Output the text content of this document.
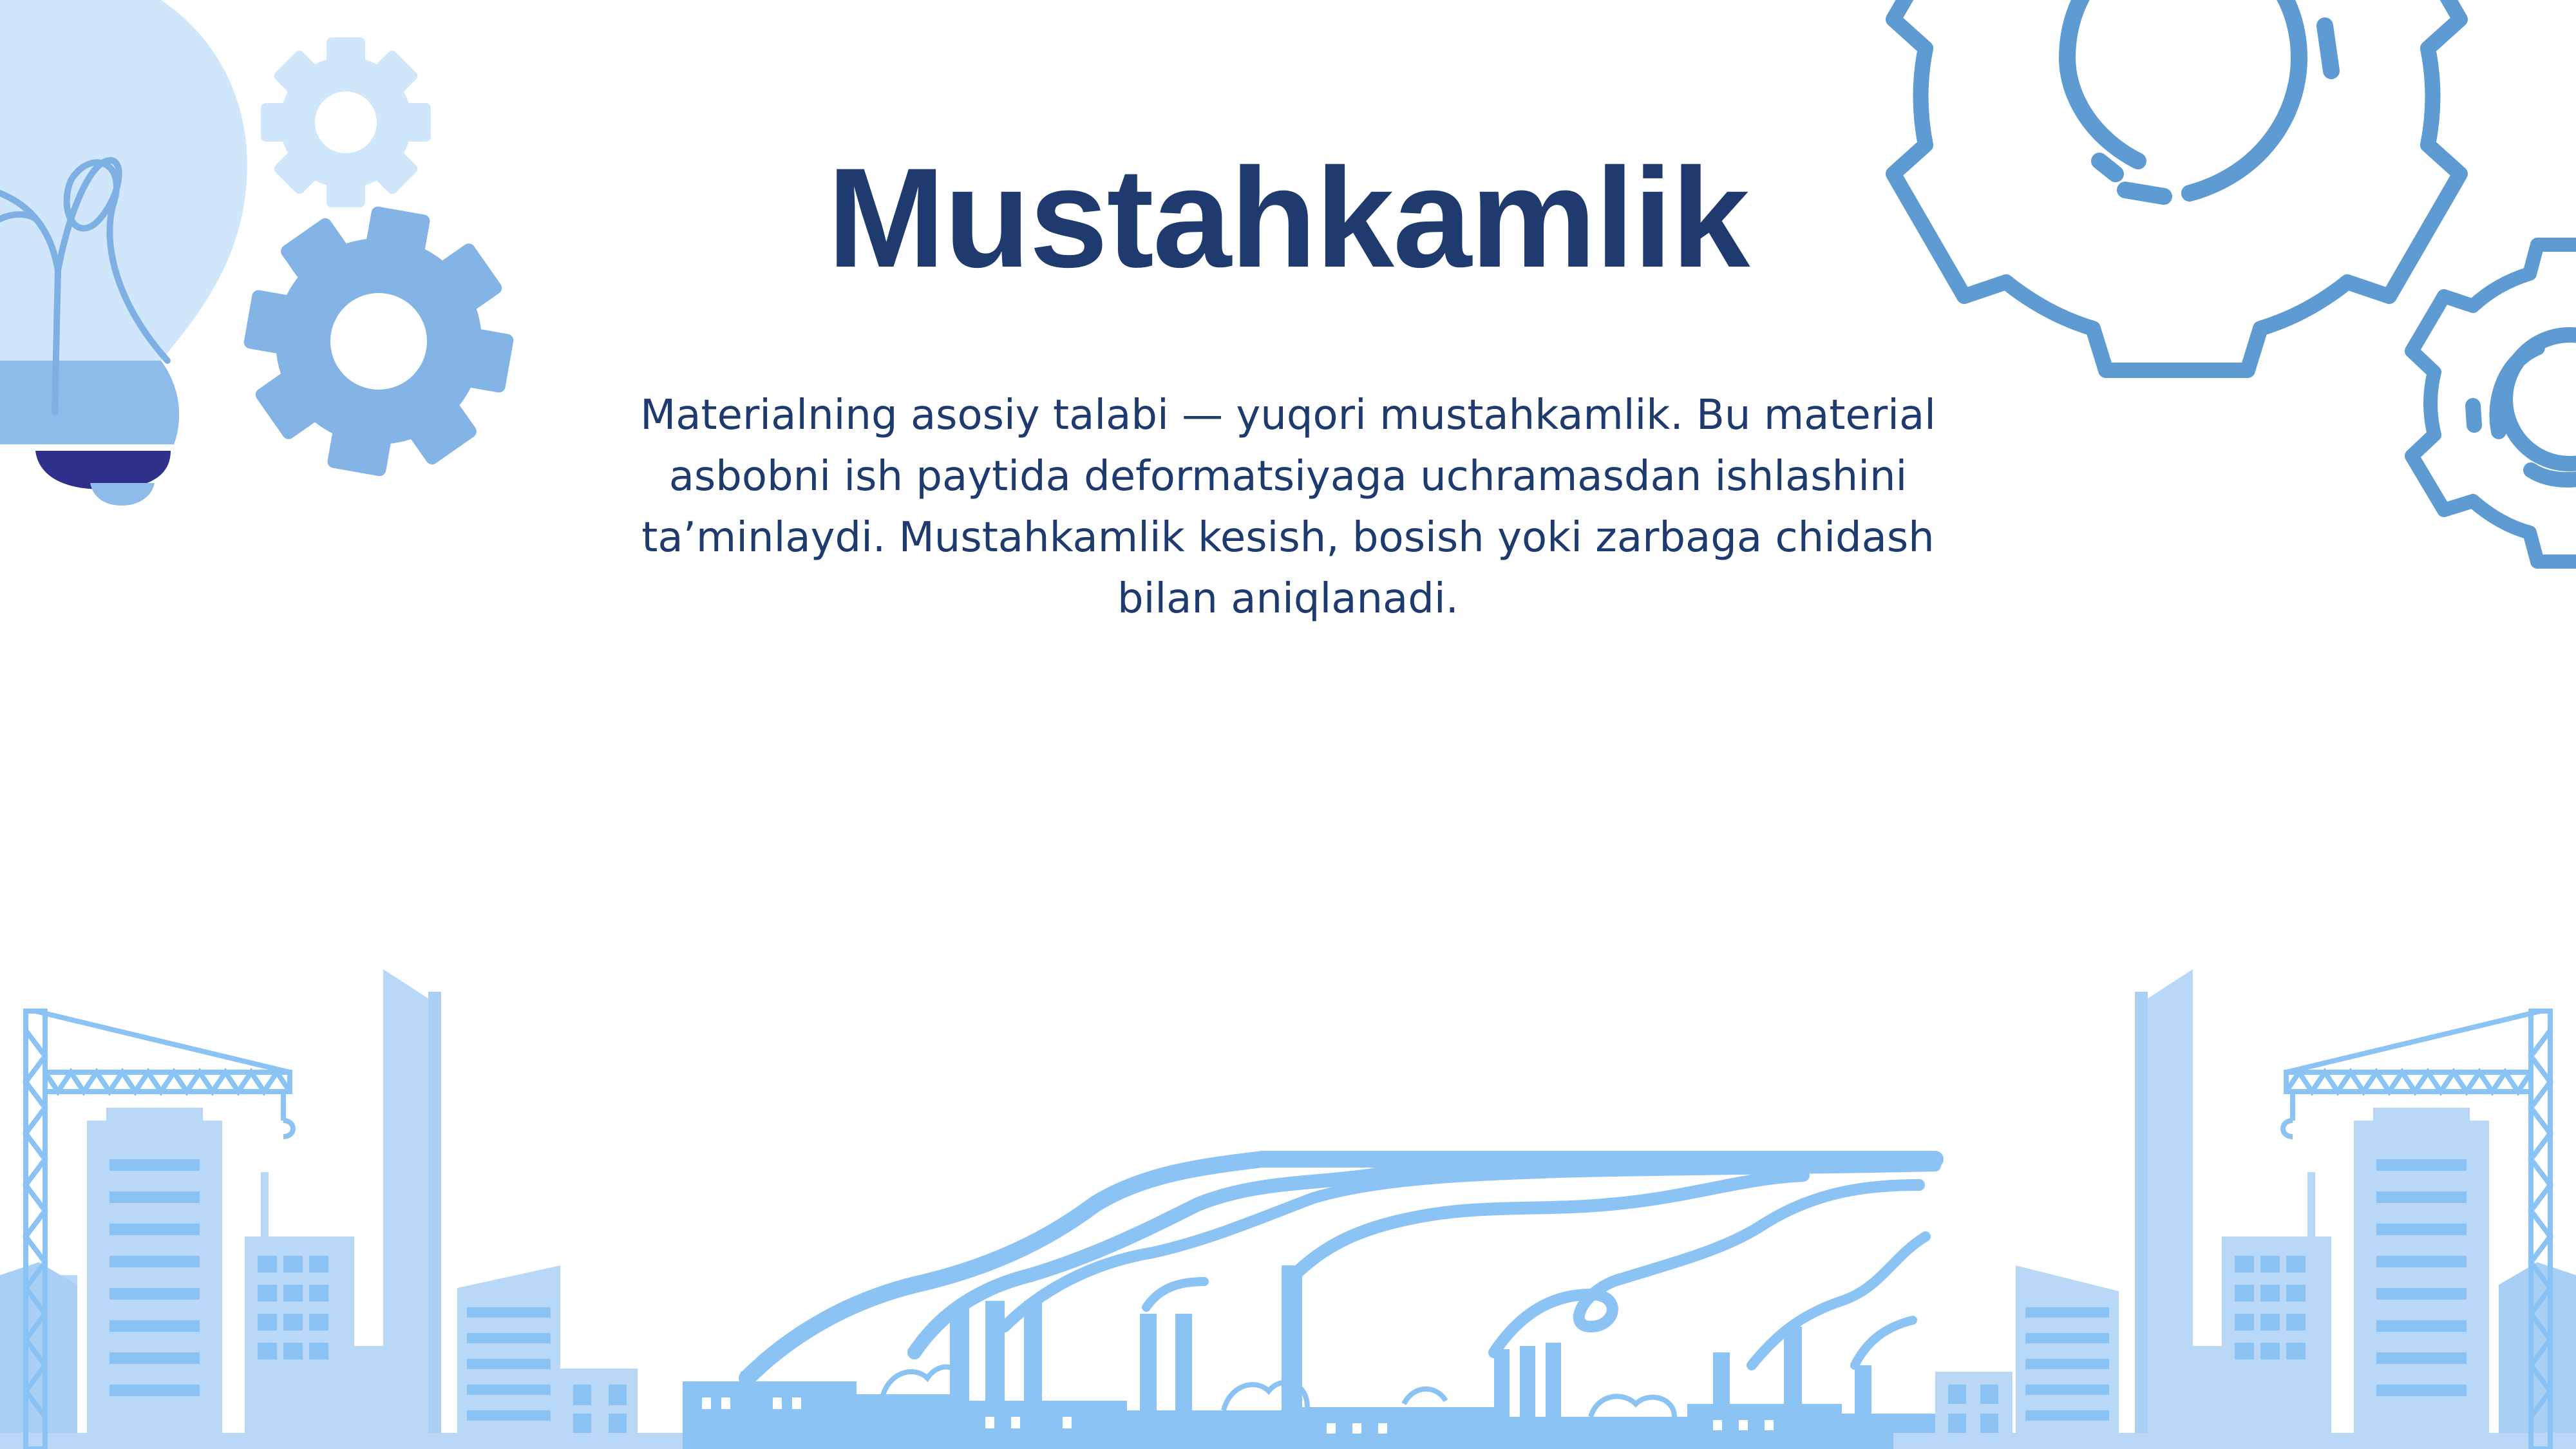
Mustahkamlik
Materialning asosiy talabi — yuqori mustahkamlik. Bu material asbobni ish paytida deformatsiyaga uchramasdan ishlashini ta’minlaydi. Mustahkamlik kesish, bosish yoki zarbaga chidash bilan aniqlanadi.
